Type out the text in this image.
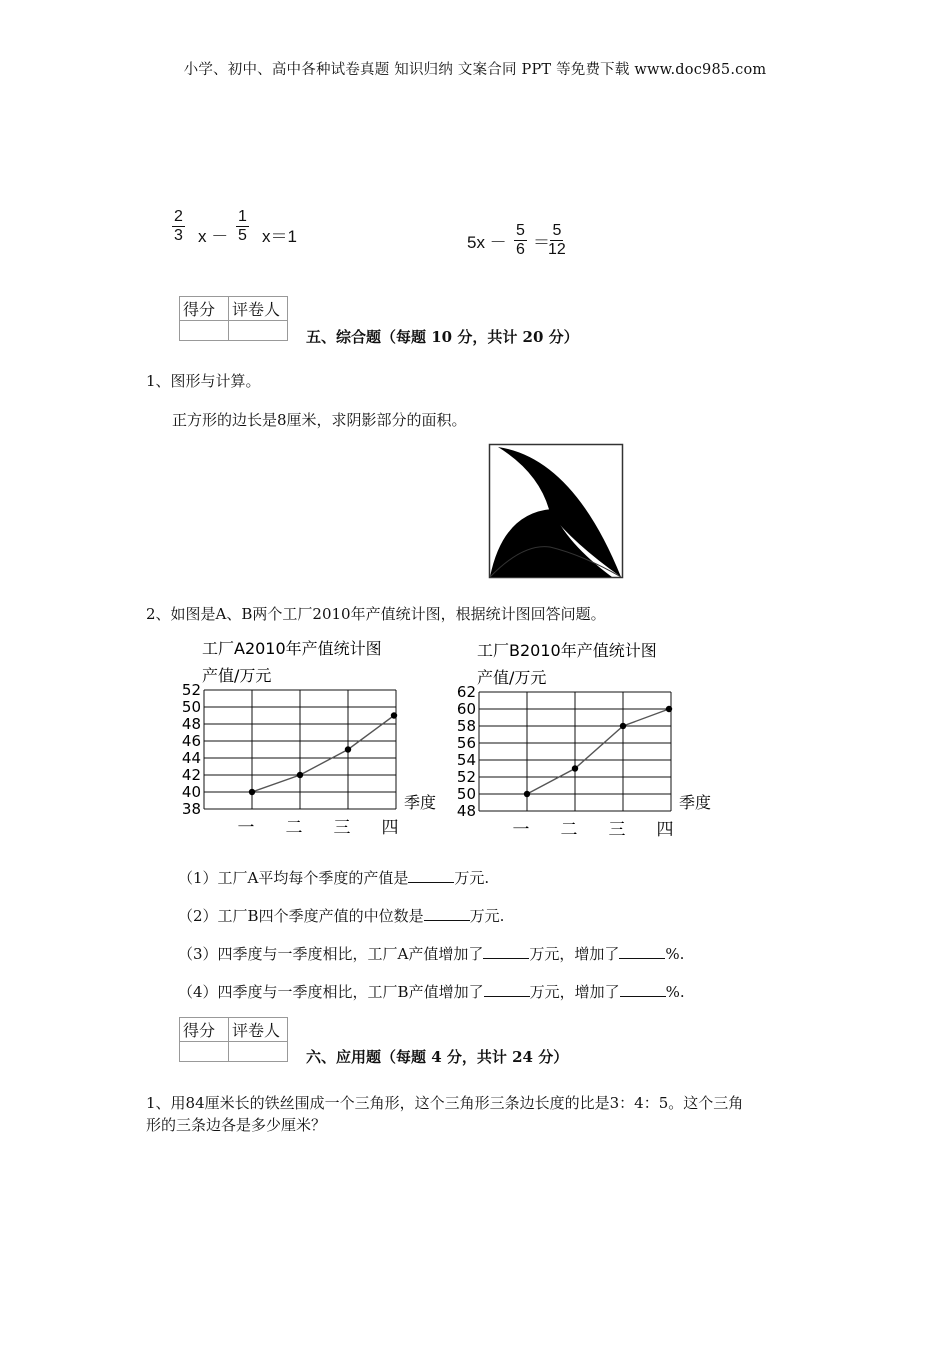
小学、初中、高中各种试卷真题 知识归纳 文案合同 PPT 等免费下载 www.doc985.com
$\frac{2}{3}$ $x - \frac{1}{5} x=1$	$5x - \frac{5}{6}$ ＝
$\frac{5}{12}$
得分	评卷人

五、综合题（每题 10 分，共计 20 分）
1、图形与计算。
正方形的边长是8厘米，求阴影部分的面积。
2、如图是A、B两个工厂2010年产值统计图，根据统计图回答问题。
工厂A2010年产值统计图
产值/万元
38
40
42
44
46
48
50
52
一 二 三 四
季度
工厂B2010年产值统计图
产值/万元
48
50
52
54
56
58
60
62
一 二 三 四
季度
（1）工厂A平均每个季度的产值是	万元.
（2）工厂B四个季度产值的中位数是	万元.
（3）四季度与一季度相比，工厂A产值增加了	万元，增加了	%.
（4）四季度与一季度相比，工厂B产值增加了	万元，增加了	%.
得分	评卷人

六、应用题（每题 4 分，共计 24 分）
1、用84厘米长的铁丝围成一个三角形，这个三角形三条边长度的比是3：4：5。这个三角
形的三条边各是多少厘米？
